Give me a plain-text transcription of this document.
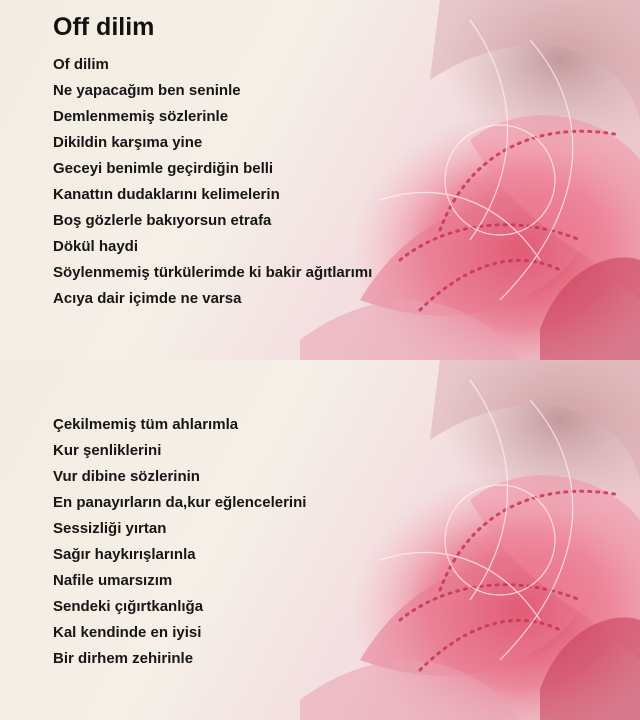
Off dilim
Of dilim
Ne yapacağım ben seninle
Demlenmemiş sözlerinle
Dikildin karşıma yine
Geceyi benimle geçirdiğin belli
Kanattın dudaklarını kelimelerin
Boş gözlerle bakıyorsun etrafa
Dökül haydi
Söylenmemiş türkülerimde ki bakir ağıtlarımı
Acıya dair içimde ne varsa
Çekilmemiş tüm ahlarımla
Kur şenliklerini
Vur dibine sözlerinin
En panayırların da,kur eğlencelerini
Sessizliği yırtan
Sağır haykırışlarınla
Nafile umarsızım
Sendeki çığırtkanlığa
Kal kendinde en iyisi
Bir dirhem zehirinle
